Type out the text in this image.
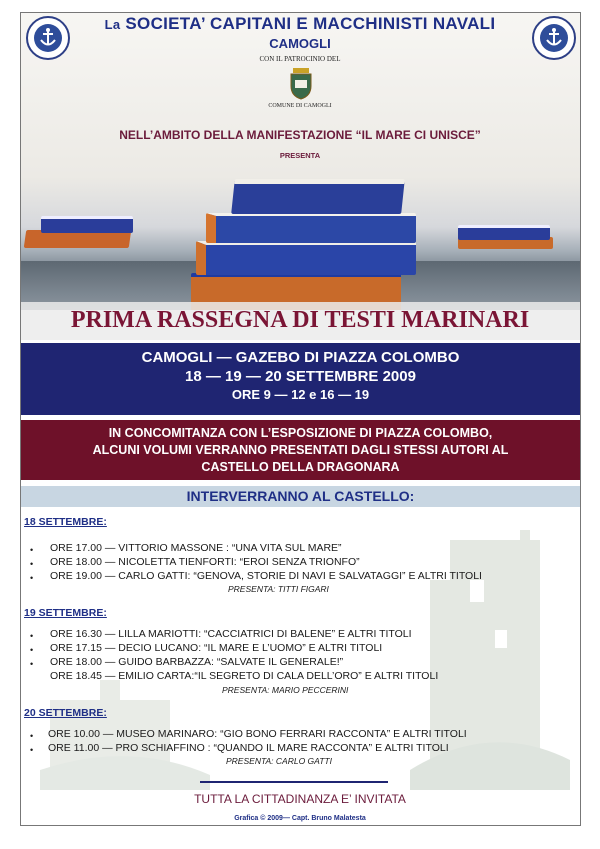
La SOCIETA’ CAPITANI E MACCHINISTI NAVALI
CAMOGLI
CON IL PATROCINIO DEL
COMUNE DI CAMOGLI
NELL’AMBITO DELLA MANIFESTAZIONE “IL MARE CI UNISCE”
PRESENTA
PRIMA RASSEGNA DI TESTI MARINARI
CAMOGLI — GAZEBO DI PIAZZA COLOMBO
18 — 19 — 20 SETTEMBRE 2009
ORE 9 — 12 e 16 — 19
IN CONCOMITANZA CON L’ESPOSIZIONE DI PIAZZA COLOMBO,
ALCUNI VOLUMI VERRANNO PRESENTATI DAGLI STESSI AUTORI AL
CASTELLO DELLA DRAGONARA
INTERVERRANNO AL CASTELLO:
18 SETTEMBRE:
• ORE 17.00 — VITTORIO MASSONE : “UNA VITA SUL MARE”
• ORE 18.00 — NICOLETTA TIENFORTI: “EROI SENZA TRIONFO”
• ORE 19.00 — CARLO GATTI: “GENOVA, STORIE DI NAVI E SALVATAGGI” E ALTRI TITOLI
PRESENTA: TITTI FIGARI
19 SETTEMBRE:
• ORE 16.30 — LILLA MARIOTTI: “CACCIATRICI DI BALENE” E ALTRI TITOLI
• ORE 17.15 — DECIO LUCANO: “IL MARE E L’UOMO” E ALTRI TITOLI
• ORE 18.00 — GUIDO BARBAZZA: “SALVATE IL GENERALE!”
ORE 18.45 — EMILIO CARTA:“IL SEGRETO DI CALA DELL’ORO” E ALTRI TITOLI
PRESENTA: MARIO PECCERINI
20 SETTEMBRE:
• ORE 10.00 — MUSEO MARINARO: “GIO BONO FERRARI RACCONTA” E ALTRI TITOLI
• ORE 11.00 — PRO SCHIAFFINO : “QUANDO IL MARE RACCONTA” E ALTRI TITOLI
PRESENTA: CARLO GATTI
TUTTA LA CITTADINANZA E’ INVITATA
Grafica © 2009— Capt. Bruno Malatesta
